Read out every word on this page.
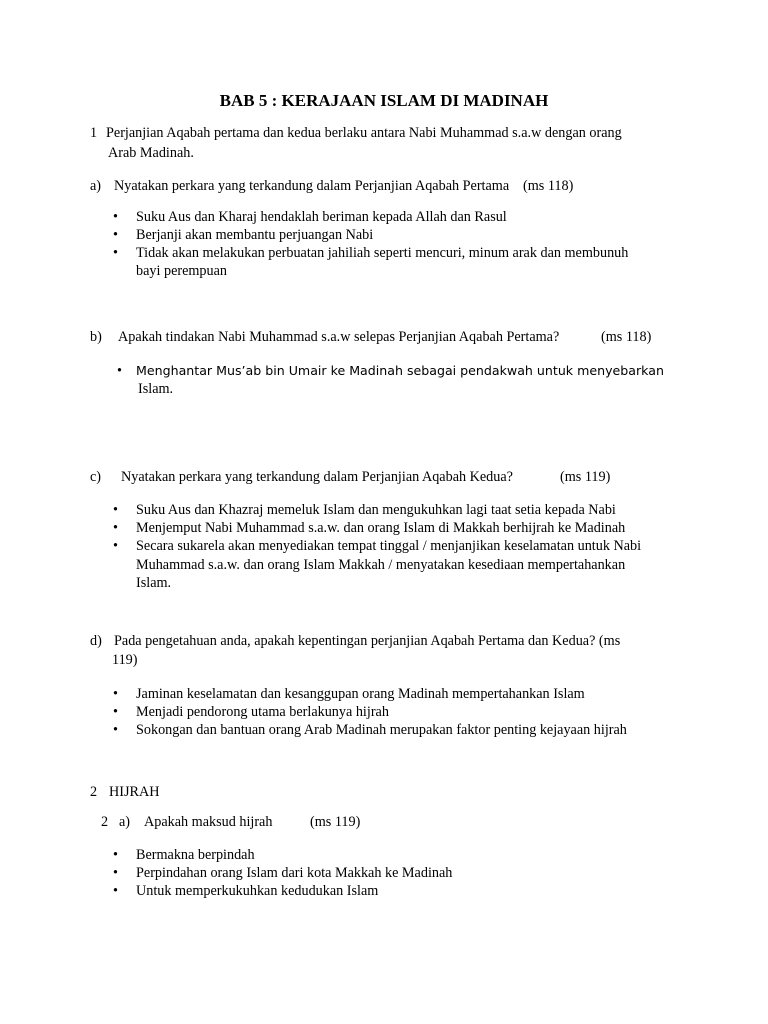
BAB 5 : KERAJAAN ISLAM DI MADINAH
1 Perjanjian Aqabah pertama dan kedua berlaku antara Nabi Muhammad s.a.w dengan orang
Arab Madinah.
a) Nyatakan perkara yang terkandung dalam Perjanjian Aqabah Pertama (ms 118)
• Suku Aus dan Kharaj hendaklah beriman kepada Allah dan Rasul
• Berjanji akan membantu perjuangan Nabi
• Tidak akan melakukan perbuatan jahiliah seperti mencuri, minum arak dan membunuh
bayi perempuan
b) Apakah tindakan Nabi Muhammad s.a.w selepas Perjanjian Aqabah Pertama?	(ms 118)
• Menghantar Mus’ab bin Umair ke Madinah sebagai pendakwah untuk menyebarkan
Islam.
c) Nyatakan perkara yang terkandung dalam Perjanjian Aqabah Kedua?	(ms 119)
• Suku Aus dan Khazraj memeluk Islam dan mengukuhkan lagi taat setia kepada Nabi
• Menjemput Nabi Muhammad s.a.w. dan orang Islam di Makkah berhijrah ke Madinah
• Secara sukarela akan menyediakan tempat tinggal / menjanjikan keselamatan untuk Nabi
Muhammad s.a.w. dan orang Islam Makkah / menyatakan kesediaan mempertahankan
Islam.
d) Pada pengetahuan anda, apakah kepentingan perjanjian Aqabah Pertama dan Kedua? (ms
119)
• Jaminan keselamatan dan kesanggupan orang Madinah mempertahankan Islam
• Menjadi pendorong utama berlakunya hijrah
• Sokongan dan bantuan orang Arab Madinah merupakan faktor penting kejayaan hijrah
2 HIJRAH
2 a) Apakah maksud hijrah	(ms 119)
• Bermakna berpindah
• Perpindahan orang Islam dari kota Makkah ke Madinah
• Untuk memperkukuhkan kedudukan Islam
